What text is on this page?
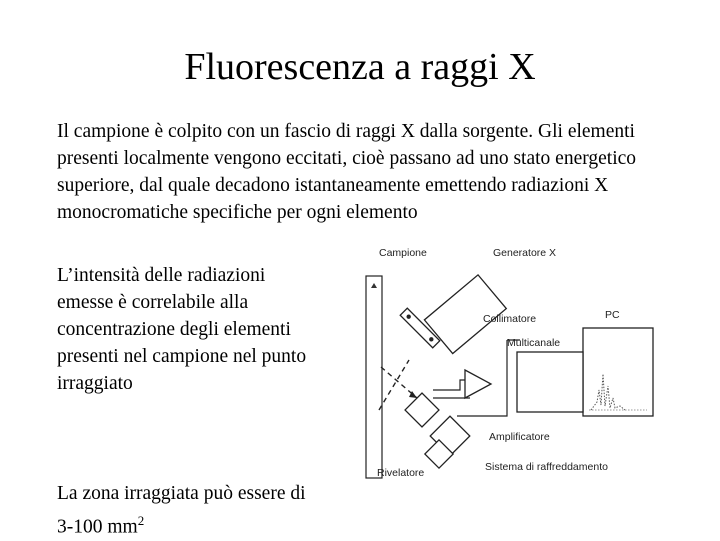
Fluorescenza a raggi X
Il campione è colpito con un fascio di raggi X dalla sorgente. Gli elementi presenti localmente vengono eccitati, cioè passano ad uno stato energetico superiore, dal quale decadono istantaneamente emettendo radiazioni X monocromatiche specifiche per ogni elemento
L’intensità delle radiazioni emesse è correlabile alla concentrazione degli elementi presenti nel campione nel punto irraggiato
La zona irraggiata può essere di 3-100 $mm^2$
Campione	Generatore X
Collimatore	PC
Multicanale
Amplificatore
Rivelatore	Sistema di raffreddamento
